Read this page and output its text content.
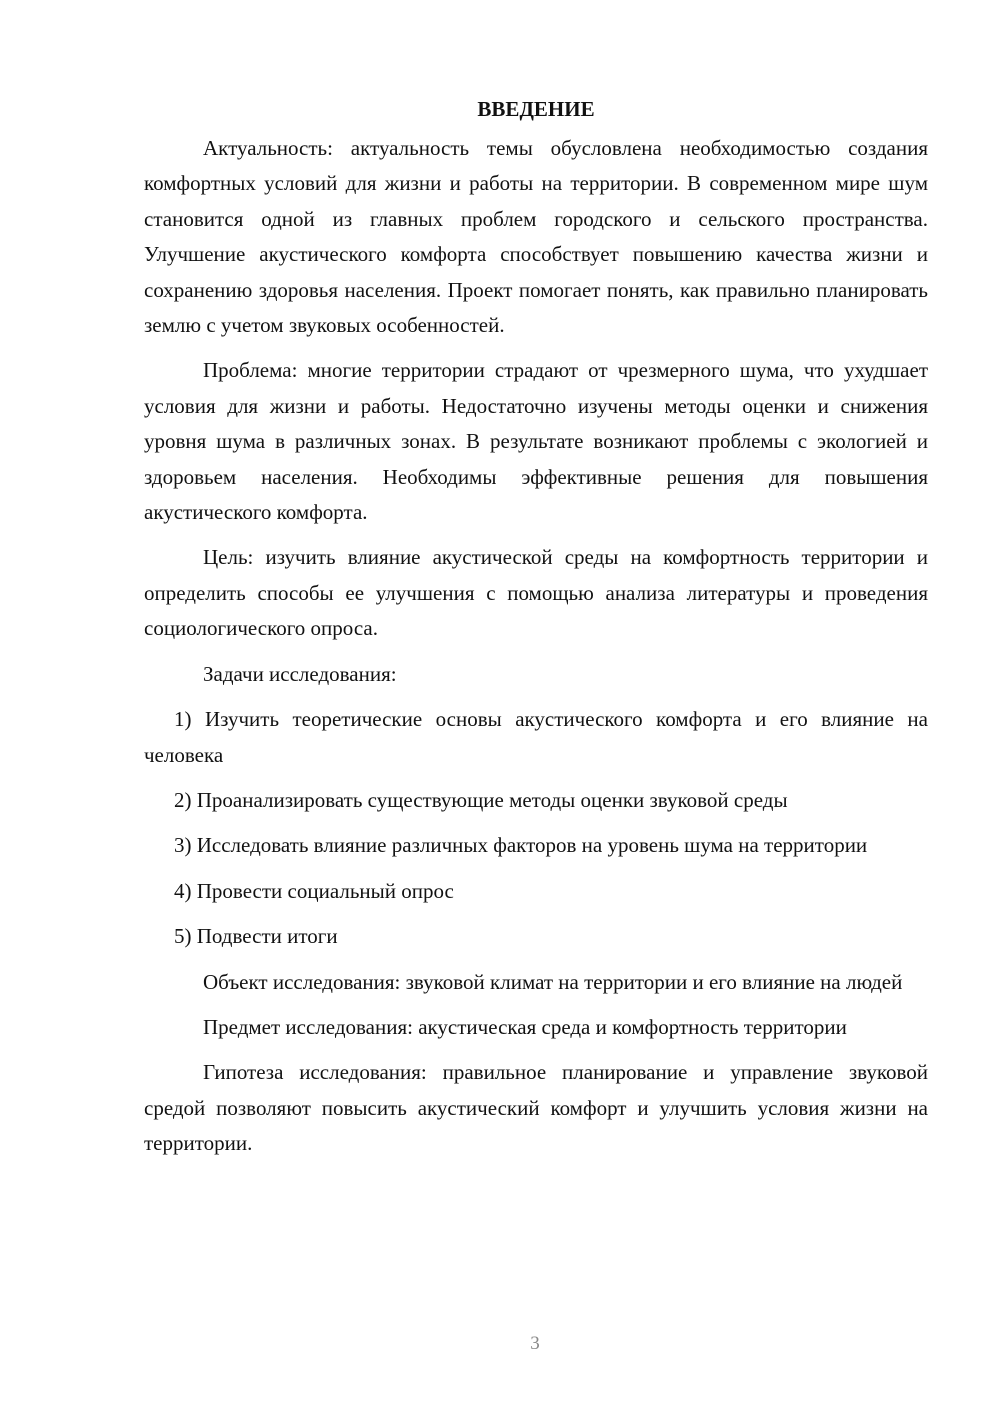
ВВЕДЕНИЕ

Актуальность: актуальность темы обусловлена необходимостью создания комфортных условий для жизни и работы на территории. В современном мире шум становится одной из главных проблем городского и сельского пространства. Улучшение акустического комфорта способствует повышению качества жизни и сохранению здоровья населения. Проект помогает понять, как правильно планировать землю с учетом звуковых особенностей.

Проблема: многие территории страдают от чрезмерного шума, что ухудшает условия для жизни и работы. Недостаточно изучены методы оценки и снижения уровня шума в различных зонах. В результате возникают проблемы с экологией и здоровьем населения. Необходимы эффективные решения для повышения акустического комфорта.

Цель: изучить влияние акустической среды на комфортность территории и определить способы ее улучшения с помощью анализа литературы и проведения социологического опроса.

Задачи исследования:

1) Изучить теоретические основы акустического комфорта и его влияние на человека

2) Проанализировать существующие методы оценки звуковой среды

3) Исследовать влияние различных факторов на уровень шума на территории

4) Провести социальный опрос

5) Подвести итоги

Объект исследования: звуковой климат на территории и его влияние на людей

Предмет исследования: акустическая среда и комфортность территории

Гипотеза исследования: правильное планирование и управление звуковой средой позволяют повысить акустический комфорт и улучшить условия жизни на территории.

3
